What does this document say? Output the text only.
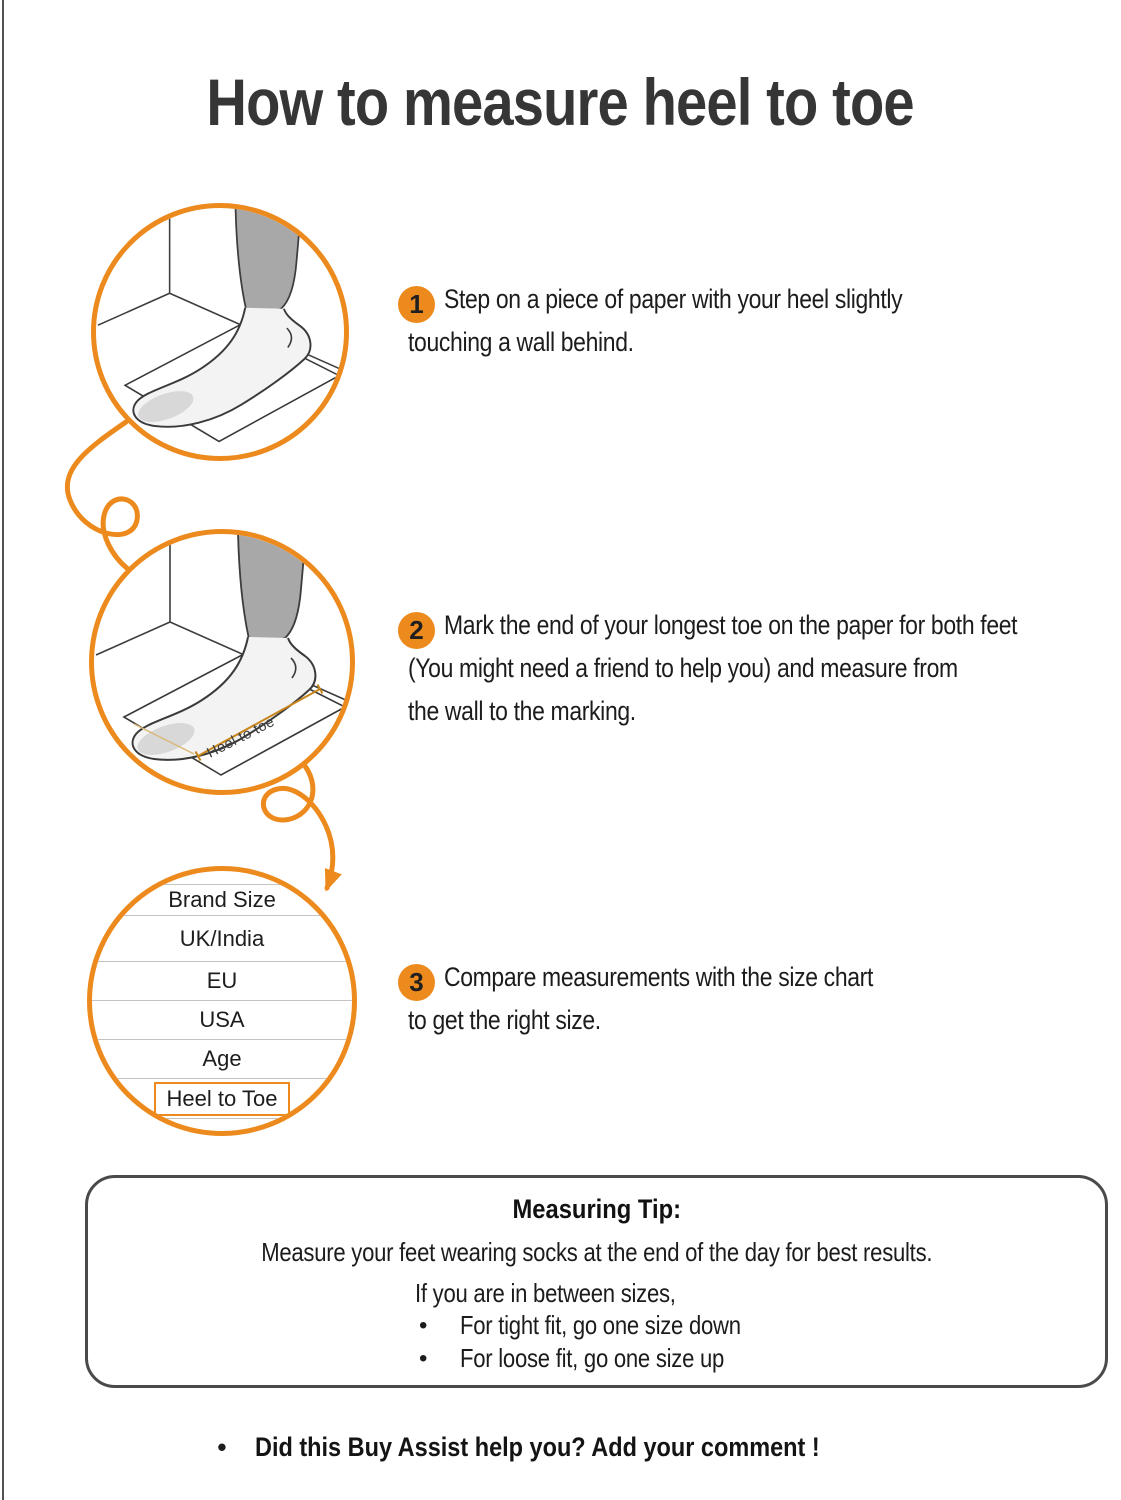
How to measure heel to toe
Heel to toe
Brand Size
UK/India
EU
USA
Age
Heel to Toe
1 Step on a piece of paper with your heel slightly
touching a wall behind.
2 Mark the end of your longest toe on the paper for both feet
(You might need a friend to help you) and measure from
the wall to the marking.
3 Compare measurements with the size chart
to get the right size.
Measuring Tip:
Measure your feet wearing socks at the end of the day for best results.
If you are in between sizes,
• For tight fit, go one size down
• For loose fit, go one size up
• Did this Buy Assist help you? Add your comment !
